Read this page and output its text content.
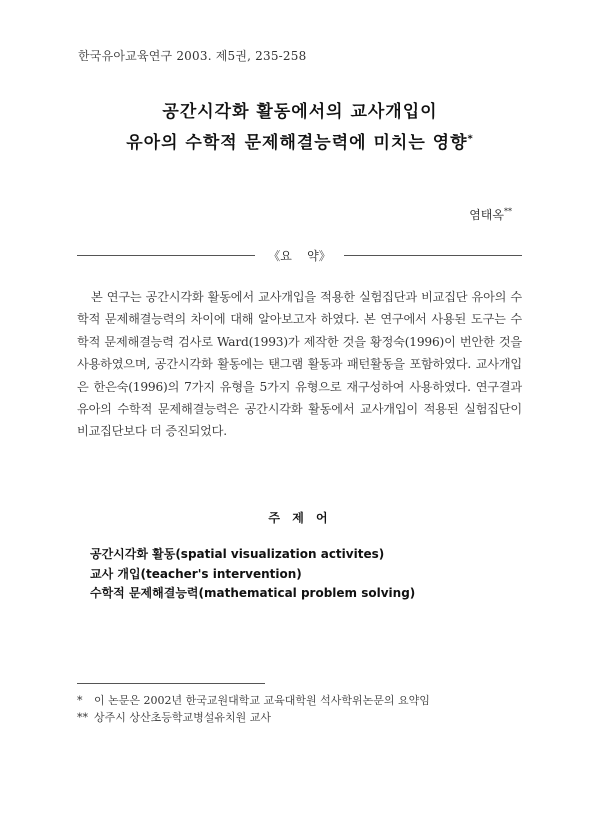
한국유아교육연구 2003. 제5권, 235-258
공간시각화 활동에서의 교사개입이
유아의 수학적 문제해결능력에 미치는 영향*
염태옥**
《요    약》
본 연구는 공간시각화 활동에서 교사개입을 적용한 실험집단과 비교집단 유아의 수학적 문제해결능력의 차이에 대해 알아보고자 하였다. 본 연구에서 사용된 도구는 수학적 문제해결능력 검사로 Ward(1993)가 제작한 것을 황정숙(1996)이 번안한 것을 사용하였으며, 공간시각화 활동에는 탠그램 활동과 패턴활동을 포함하였다. 교사개입은 한은숙(1996)의 7가지 유형을 5가지 유형으로 재구성하여 사용하였다. 연구결과 유아의 수학적 문제해결능력은 공간시각화 활동에서 교사개입이 적용된 실험집단이 비교집단보다 더 증진되었다.
주 제 어
공간시각화 활동(spatial visualization activites)
교사 개입(teacher's intervention)
수학적 문제해결능력(mathematical problem solving)
* 이 논문은 2002년 한국교원대학교 교육대학원 석사학위논문의 요약임
** 상주시 상산초등학교병설유치원 교사
